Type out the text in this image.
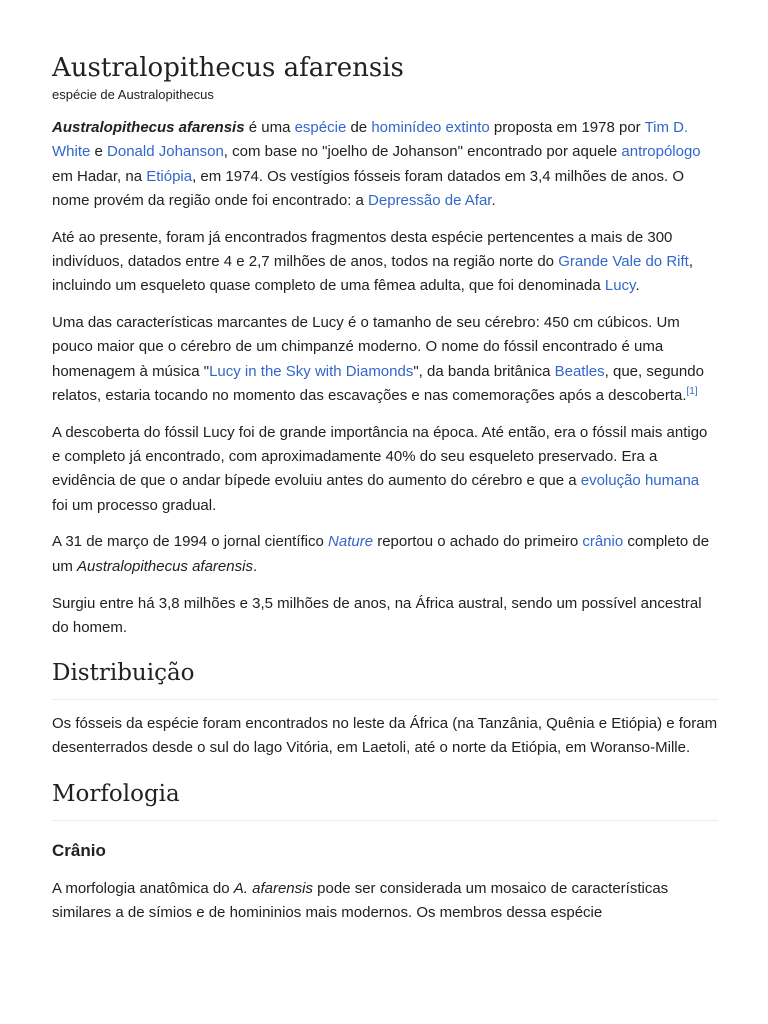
Australopithecus afarensis
espécie de Australopithecus

Australopithecus afarensis é uma espécie de hominídeo extinto proposta em 1978 por Tim D. White e Donald Johanson, com base no "joelho de Johanson" encontrado por aquele antropólogo em Hadar, na Etiópia, em 1974. Os vestígios fósseis foram datados em 3,4 milhões de anos. O nome provém da região onde foi encontrado: a Depressão de Afar.

Até ao presente, foram já encontrados fragmentos desta espécie pertencentes a mais de 300 indivíduos, datados entre 4 e 2,7 milhões de anos, todos na região norte do Grande Vale do Rift, incluindo um esqueleto quase completo de uma fêmea adulta, que foi denominada Lucy.

Uma das características marcantes de Lucy é o tamanho de seu cérebro: 450 cm cúbicos. Um pouco maior que o cérebro de um chimpanzé moderno. O nome do fóssil encontrado é uma homenagem à música "Lucy in the Sky with Diamonds", da banda britânica Beatles, que, segundo relatos, estaria tocando no momento das escavações e nas comemorações após a descoberta.[1]

A descoberta do fóssil Lucy foi de grande importância na época. Até então, era o fóssil mais antigo e completo já encontrado, com aproximadamente 40% do seu esqueleto preservado. Era a evidência de que o andar bípede evoluiu antes do aumento do cérebro e que a evolução humana foi um processo gradual.

A 31 de março de 1994 o jornal científico Nature reportou o achado do primeiro crânio completo de um Australopithecus afarensis.

Surgiu entre há 3,8 milhões e 3,5 milhões de anos, na África austral, sendo um possível ancestral do homem.

Distribuição

Os fósseis da espécie foram encontrados no leste da África (na Tanzânia, Quênia e Etiópia) e foram desenterrados desde o sul do lago Vitória, em Laetoli, até o norte da Etiópia, em Woranso-Mille.

Morfologia
Crânio

A morfologia anatômica do A. afarensis pode ser considerada um mosaico de características similares a de símios e de homininios mais modernos. Os membros dessa espécie
